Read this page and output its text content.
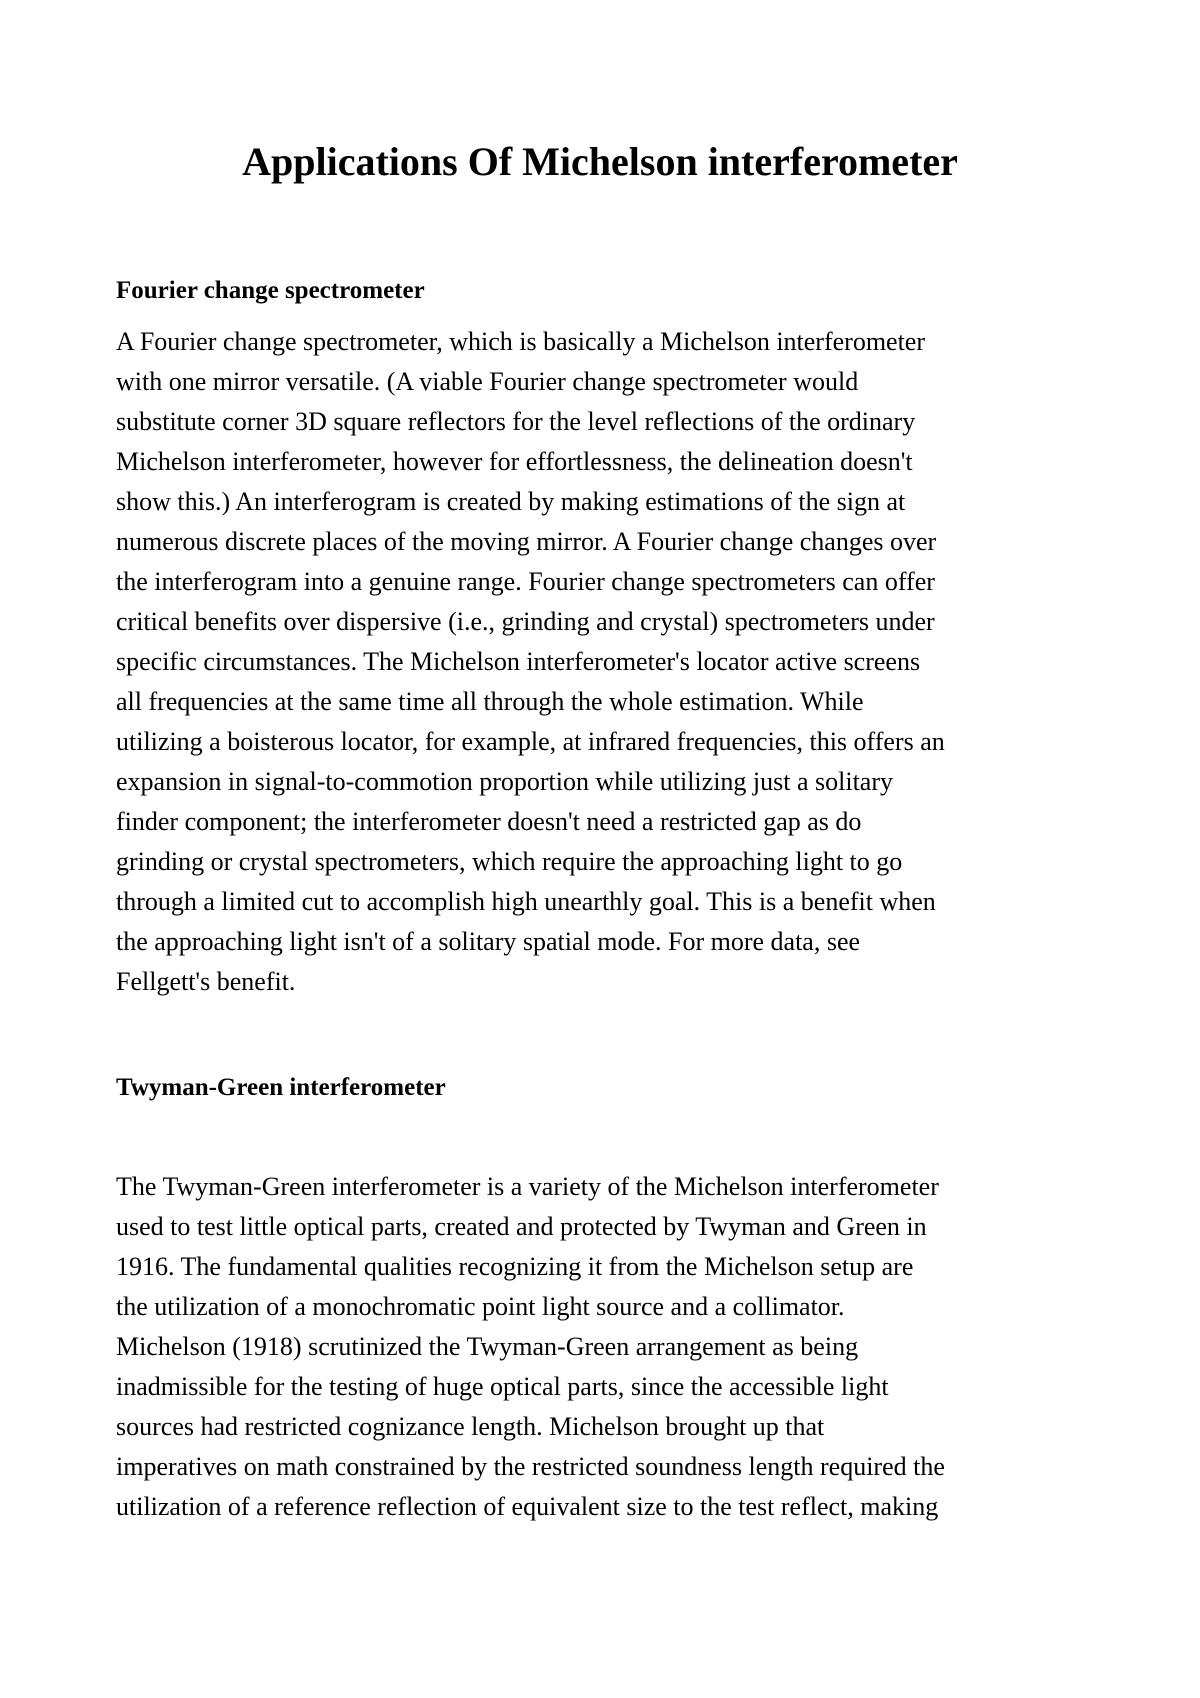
Applications Of Michelson interferometer
Fourier change spectrometer

A Fourier change spectrometer, which is basically a Michelson interferometer
with one mirror versatile. (A viable Fourier change spectrometer would
substitute corner 3D square reflectors for the level reflections of the ordinary
Michelson interferometer, however for effortlessness, the delineation doesn't
show this.) An interferogram is created by making estimations of the sign at
numerous discrete places of the moving mirror. A Fourier change changes over
the interferogram into a genuine range. Fourier change spectrometers can offer
critical benefits over dispersive (i.e., grinding and crystal) spectrometers under
specific circumstances. The Michelson interferometer's locator active screens
all frequencies at the same time all through the whole estimation. While
utilizing a boisterous locator, for example, at infrared frequencies, this offers an
expansion in signal-to-commotion proportion while utilizing just a solitary
finder component; the interferometer doesn't need a restricted gap as do
grinding or crystal spectrometers, which require the approaching light to go
through a limited cut to accomplish high unearthly goal. This is a benefit when
the approaching light isn't of a solitary spatial mode. For more data, see
Fellgett's benefit.

Twyman-Green interferometer

The Twyman-Green interferometer is a variety of the Michelson interferometer
used to test little optical parts, created and protected by Twyman and Green in
1916. The fundamental qualities recognizing it from the Michelson setup are
the utilization of a monochromatic point light source and a collimator.
Michelson (1918) scrutinized the Twyman-Green arrangement as being
inadmissible for the testing of huge optical parts, since the accessible light
sources had restricted cognizance length. Michelson brought up that
imperatives on math constrained by the restricted soundness length required the
utilization of a reference reflection of equivalent size to the test reflect, making
